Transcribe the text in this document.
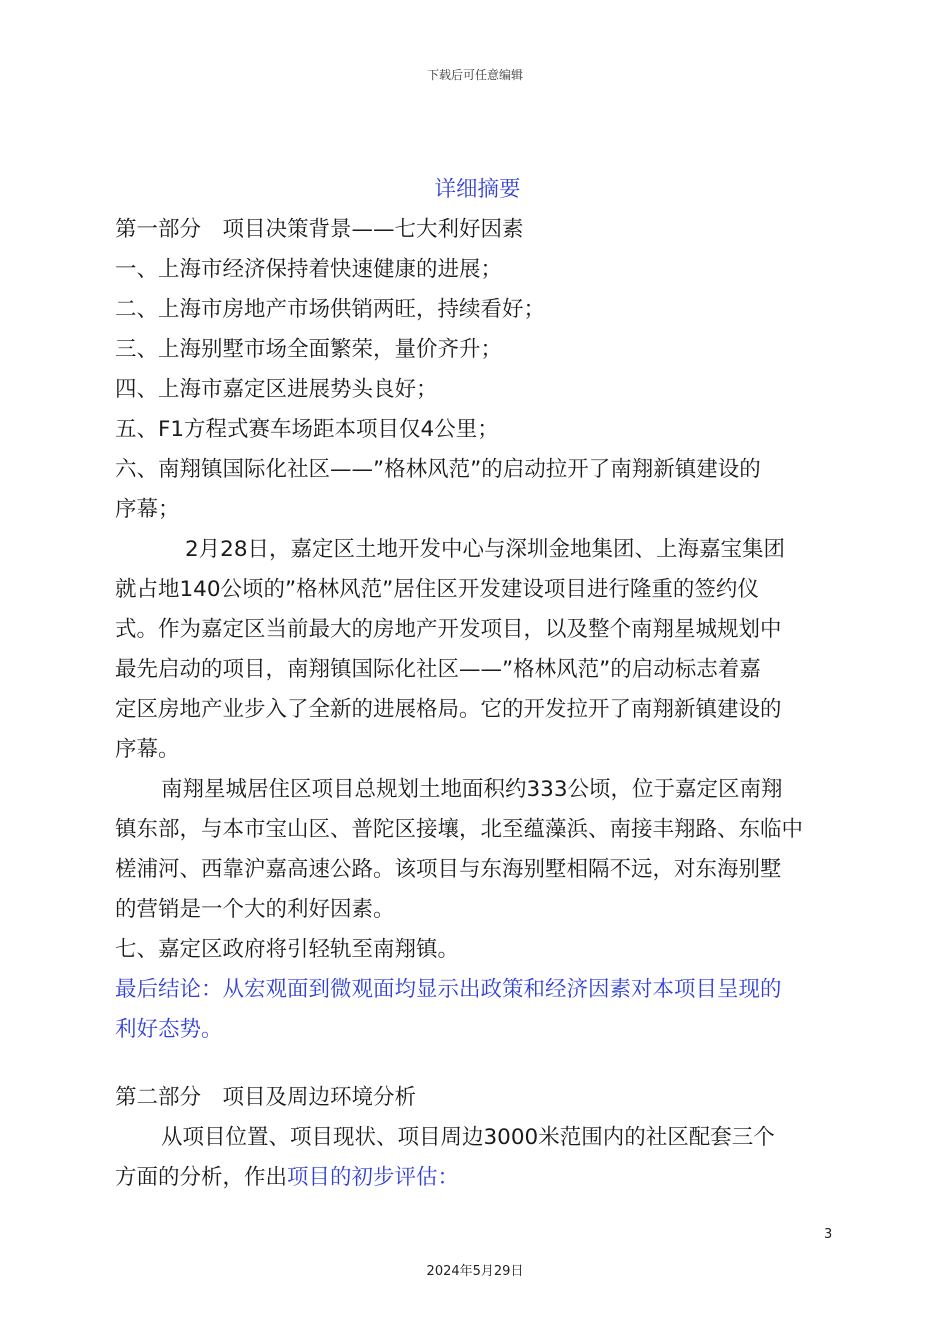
下载后可任意编辑
详细摘要
第一部分　项目决策背景——七大利好因素
一、上海市经济保持着快速健康的进展；
二、上海市房地产市场供销两旺，持续看好；
三、上海别墅市场全面繁荣，量价齐升；
四、上海市嘉定区进展势头良好；
五、F1方程式赛车场距本项目仅4公里；
六、南翔镇国际化社区——”格林风范”的启动拉开了南翔新镇建设的
序幕；
2月28日，嘉定区土地开发中心与深圳金地集团、上海嘉宝集团
就占地140公顷的”格林风范”居住区开发建设项目进行隆重的签约仪
式。作为嘉定区当前最大的房地产开发项目，以及整个南翔星城规划中
最先启动的项目，南翔镇国际化社区——”格林风范”的启动标志着嘉
定区房地产业步入了全新的进展格局。它的开发拉开了南翔新镇建设的
序幕。
南翔星城居住区项目总规划土地面积约333公顷，位于嘉定区南翔
镇东部，与本市宝山区、普陀区接壤，北至蕴藻浜、南接丰翔路、东临中
槎浦河、西靠沪嘉高速公路。该项目与东海别墅相隔不远，对东海别墅
的营销是一个大的利好因素。
七、嘉定区政府将引轻轨至南翔镇。
最后结论：从宏观面到微观面均显示出政策和经济因素对本项目呈现的
利好态势。
第二部分　项目及周边环境分析
从项目位置、项目现状、项目周边3000米范围内的社区配套三个
方面的分析，作出项目的初步评估：
3
2024年5月29日
